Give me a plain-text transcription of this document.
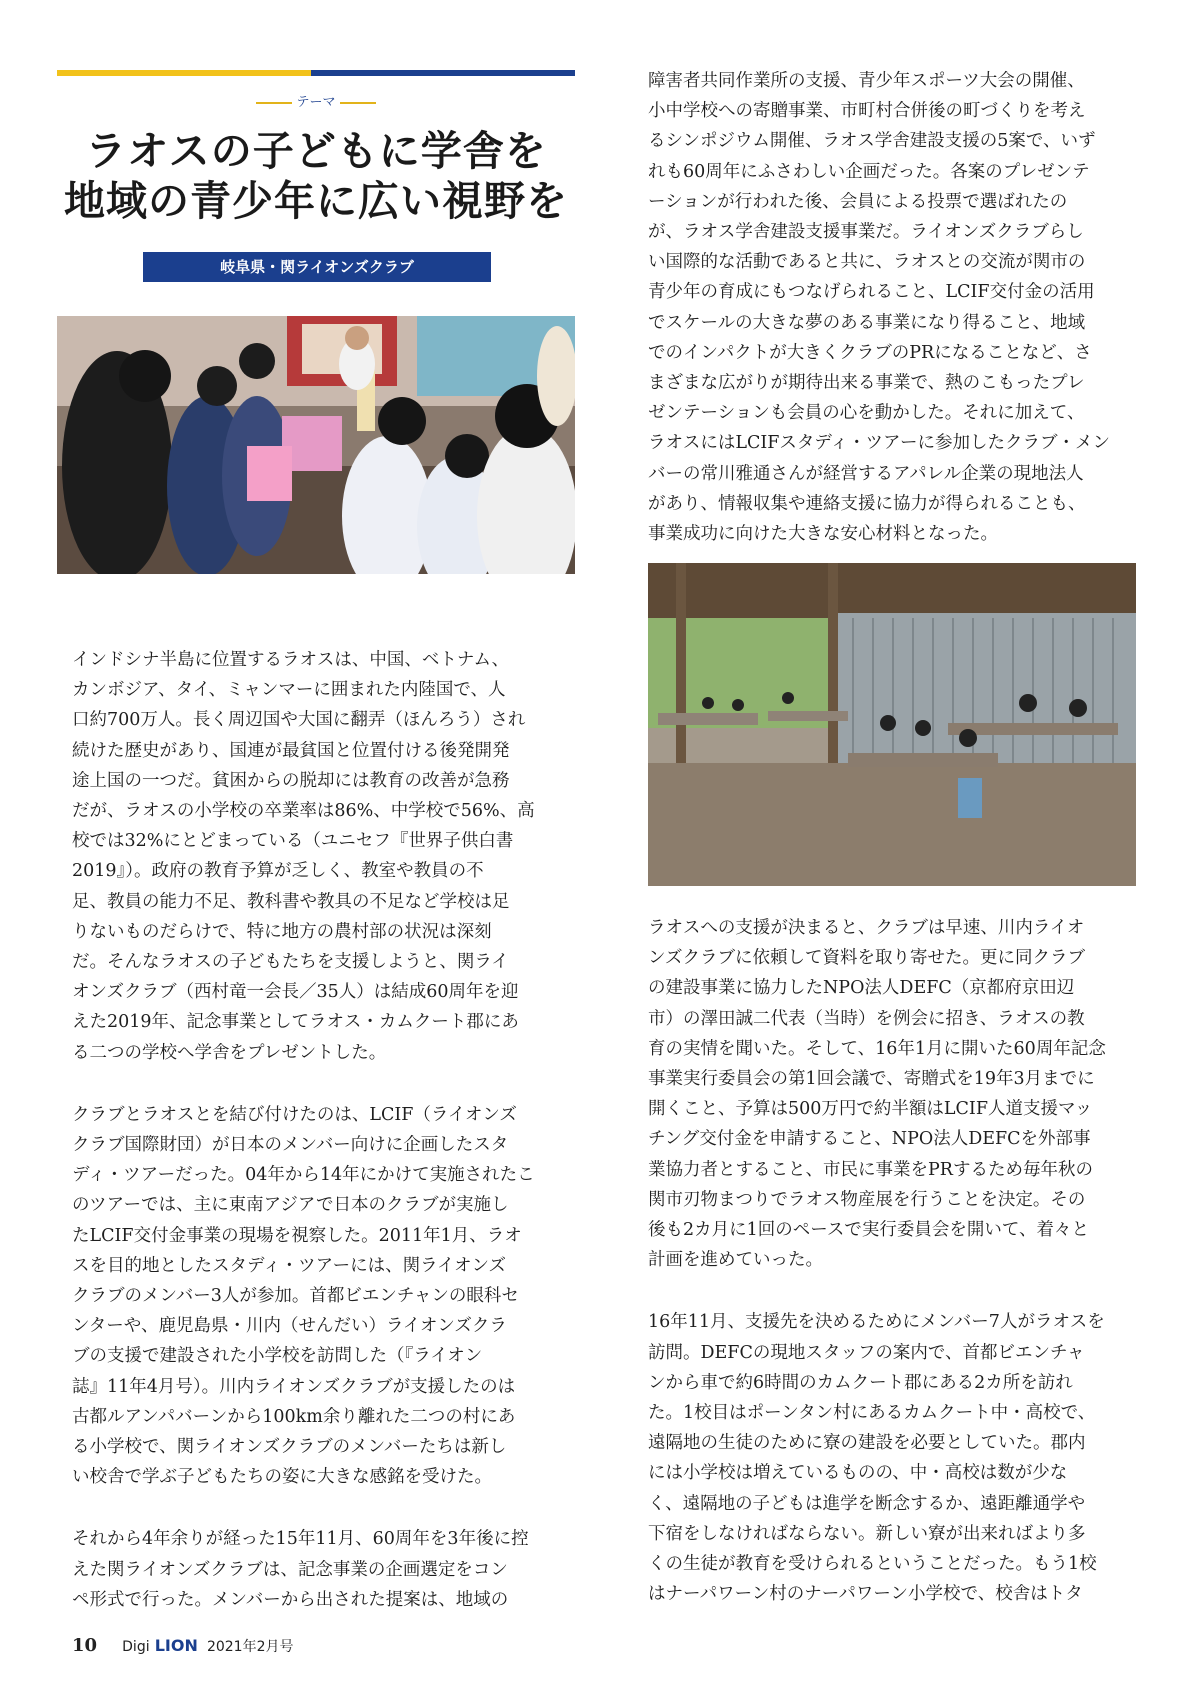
テーマ
ラオスの子どもに学舎を
地域の青少年に広い視野を
岐阜県・関ライオンズクラブ

インドシナ半島に位置するラオスは、中国、ベトナム、

カンボジア、タイ、ミャンマーに囲まれた内陸国で、人

口約700万人。長く周辺国や大国に翻弄（ほんろう）され

続けた歴史があり、国連が最貧国と位置付ける後発開発

途上国の一つだ。貧困からの脱却には教育の改善が急務

だが、ラオスの小学校の卒業率は86%、中学校で56%、高

校では32%にとどまっている（ユニセフ『世界子供白書

2019』）。政府の教育予算が乏しく、教室や教員の不

足、教員の能力不足、教科書や教具の不足など学校は足

りないものだらけで、特に地方の農村部の状況は深刻

だ。そんなラオスの子どもたちを支援しようと、関ライ

オンズクラブ（西村竜一会長／35人）は結成60周年を迎

えた2019年、記念事業としてラオス・カムクート郡にあ

る二つの学校へ学舎をプレゼントした。

クラブとラオスとを結び付けたのは、LCIF（ライオンズ

クラブ国際財団）が日本のメンバー向けに企画したスタ

ディ・ツアーだった。04年から14年にかけて実施されたこ

のツアーでは、主に東南アジアで日本のクラブが実施し

たLCIF交付金事業の現場を視察した。2011年1月、ラオ

スを目的地としたスタディ・ツアーには、関ライオンズ

クラブのメンバー3人が参加。首都ビエンチャンの眼科セ

ンターや、鹿児島県・川内（せんだい）ライオンズクラ

ブの支援で建設された小学校を訪問した（『ライオン

誌』11年4月号）。川内ライオンズクラブが支援したのは

古都ルアンパバーンから100km余り離れた二つの村にあ

る小学校で、関ライオンズクラブのメンバーたちは新し

い校舎で学ぶ子どもたちの姿に大きな感銘を受けた。

それから4年余りが経った15年11月、60周年を3年後に控

えた関ライオンズクラブは、記念事業の企画選定をコン

ペ形式で行った。メンバーから出された提案は、地域の

障害者共同作業所の支援、青少年スポーツ大会の開催、

小中学校への寄贈事業、市町村合併後の町づくりを考え

るシンポジウム開催、ラオス学舎建設支援の5案で、いず

れも60周年にふさわしい企画だった。各案のプレゼンテ

ーションが行われた後、会員による投票で選ばれたの

が、ラオス学舎建設支援事業だ。ライオンズクラブらし

い国際的な活動であると共に、ラオスとの交流が関市の

青少年の育成にもつなげられること、LCIF交付金の活用

でスケールの大きな夢のある事業になり得ること、地域

でのインパクトが大きくクラブのPRになることなど、さ

まざまな広がりが期待出来る事業で、熱のこもったプレ

ゼンテーションも会員の心を動かした。それに加えて、

ラオスにはLCIFスタディ・ツアーに参加したクラブ・メン

バーの常川雅通さんが経営するアパレル企業の現地法人

があり、情報収集や連絡支援に協力が得られることも、

事業成功に向けた大きな安心材料となった。

ラオスへの支援が決まると、クラブは早速、川内ライオ

ンズクラブに依頼して資料を取り寄せた。更に同クラブ

の建設事業に協力したNPO法人DEFC（京都府京田辺

市）の澤田誠二代表（当時）を例会に招き、ラオスの教

育の実情を聞いた。そして、16年1月に開いた60周年記念

事業実行委員会の第1回会議で、寄贈式を19年3月までに

開くこと、予算は500万円で約半額はLCIF人道支援マッ

チング交付金を申請すること、NPO法人DEFCを外部事

業協力者とすること、市民に事業をPRするため毎年秋の

関市刃物まつりでラオス物産展を行うことを決定。その

後も2カ月に1回のペースで実行委員会を開いて、着々と

計画を進めていった。

16年11月、支援先を決めるためにメンバー7人がラオスを

訪問。DEFCの現地スタッフの案内で、首都ビエンチャ

ンから車で約6時間のカムクート郡にある2カ所を訪れ

た。1校目はポーンタン村にあるカムクート中・高校で、

遠隔地の生徒のために寮の建設を必要としていた。郡内

には小学校は増えているものの、中・高校は数が少な

く、遠隔地の子どもは進学を断念するか、遠距離通学や

下宿をしなければならない。新しい寮が出来ればより多

くの生徒が教育を受けられるということだった。もう1校

はナーパワーン村のナーパワーン小学校で、校舎はトタ

10 Digi LION 2021年2月号
